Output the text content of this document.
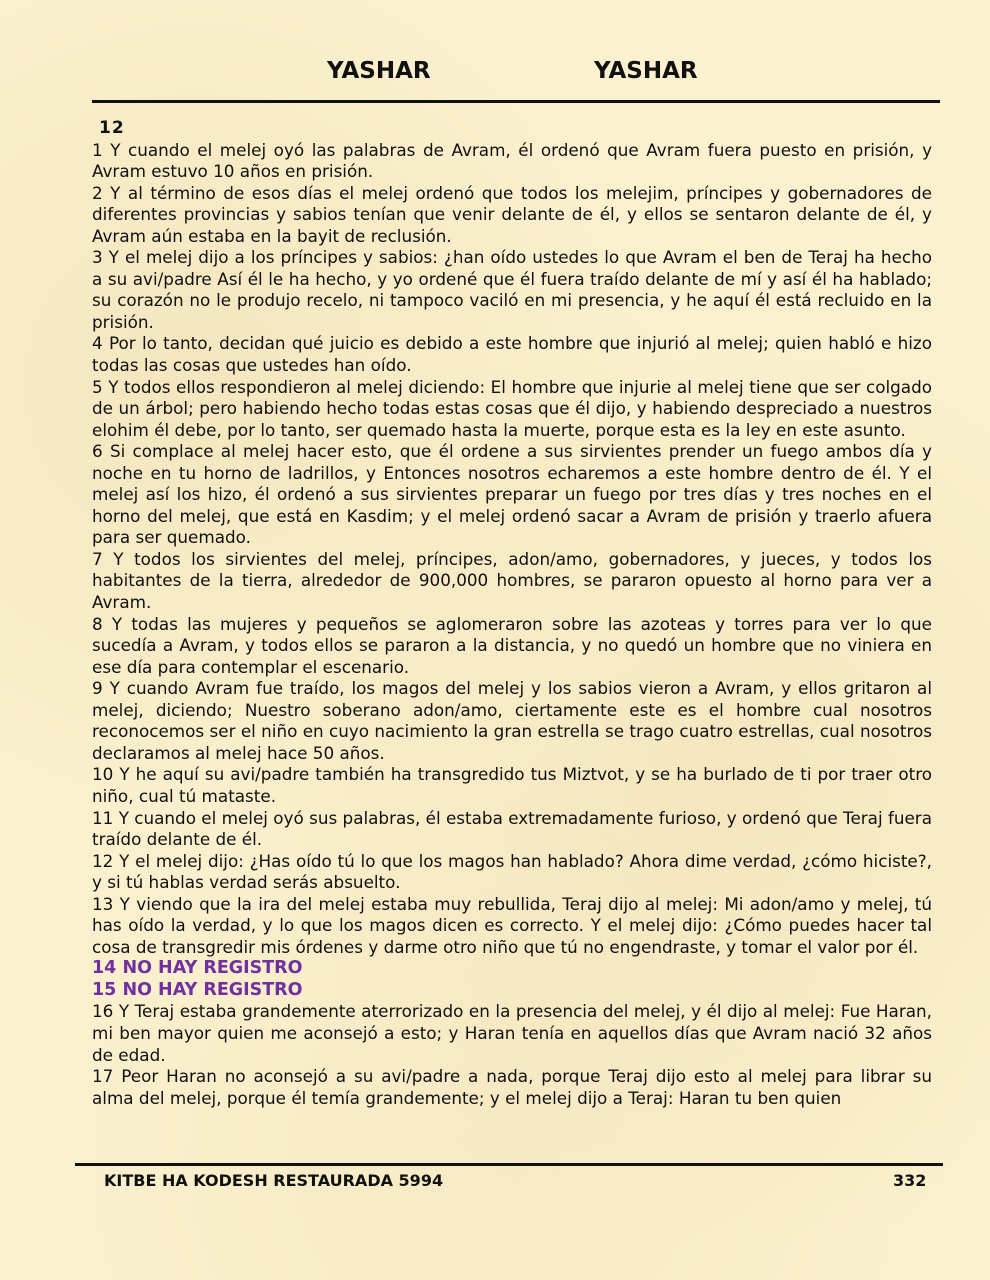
YASHAR	YASHAR
12

1 Y cuando el melej oyó las palabras de Avram, él ordenó que Avram fuera puesto en prisión, y Avram estuvo 10 años en prisión.

2 Y al término de esos días el melej ordenó que todos los melejim, príncipes y gobernadores de diferentes provincias y sabios tenían que venir delante de él, y ellos se sentaron delante de él, y Avram aún estaba en la bayit de reclusión.

3 Y el melej dijo a los príncipes y sabios: ¿han oído ustedes lo que Avram el ben de Teraj ha hecho a su avi/padre Así él le ha hecho, y yo ordené que él fuera traído delante de mí y así él ha hablado; su corazón no le produjo recelo, ni tampoco vaciló en mi presencia, y he aquí él está recluido en la prisión.

4 Por lo tanto, decidan qué juicio es debido a este hombre que injurió al melej; quien habló e hizo todas las cosas que ustedes han oído.

5 Y todos ellos respondieron al melej diciendo: El hombre que injurie al melej tiene que ser colgado de un árbol; pero habiendo hecho todas estas cosas que él dijo, y habiendo despreciado a nuestros elohim él debe, por lo tanto, ser quemado hasta la muerte, porque esta es la ley en este asunto.

6 Si complace al melej hacer esto, que él ordene a sus sirvientes prender un fuego ambos día y noche en tu horno de ladrillos, y Entonces nosotros echaremos a este hombre dentro de él. Y el melej así los hizo, él ordenó a sus sirvientes preparar un fuego por tres días y tres noches en el horno del melej, que está en Kasdim; y el melej ordenó sacar a Avram de prisión y traerlo afuera para ser quemado.

7 Y todos los sirvientes del melej, príncipes, adon/amo, gobernadores, y jueces, y todos los habitantes de la tierra, alrededor de 900,000 hombres, se pararon opuesto al horno para ver a Avram.

8 Y todas las mujeres y pequeños se aglomeraron sobre las azoteas y torres para ver lo que sucedía a Avram, y todos ellos se pararon a la distancia, y no quedó un hombre que no viniera en ese día para contemplar el escenario.

9 Y cuando Avram fue traído, los magos del melej y los sabios vieron a Avram, y ellos gritaron al melej, diciendo; Nuestro soberano adon/amo, ciertamente este es el hombre cual nosotros reconocemos ser el niño en cuyo nacimiento la gran estrella se trago cuatro estrellas, cual nosotros declaramos al melej hace 50 años.

10 Y he aquí su avi/padre también ha transgredido tus Miztvot, y se ha burlado de ti por traer otro niño, cual tú mataste.

11 Y cuando el melej oyó sus palabras, él estaba extremadamente furioso, y ordenó que Teraj fuera traído delante de él.

12 Y el melej dijo: ¿Has oído tú lo que los magos han hablado? Ahora dime verdad, ¿cómo hiciste?, y si tú hablas verdad serás absuelto.

13 Y viendo que la ira del melej estaba muy rebullida, Teraj dijo al melej: Mi adon/amo y melej, tú has oído la verdad, y lo que los magos dicen es correcto. Y el melej dijo: ¿Cómo puedes hacer tal cosa de transgredir mis órdenes y darme otro niño que tú no engendraste, y tomar el valor por él.

14 NO HAY REGISTRO

15 NO HAY REGISTRO

16 Y Teraj estaba grandemente aterrorizado en la presencia del melej, y él dijo al melej: Fue Haran, mi ben mayor quien me aconsejó a esto; y Haran tenía en aquellos días que Avram nació 32 años de edad.

17 Peor Haran no aconsejó a su avi/padre a nada, porque Teraj dijo esto al melej para librar su alma del melej, porque él temía grandemente; y el melej dijo a Teraj: Haran tu ben quien

KITBE HA KODESH RESTAURADA 5994	332
